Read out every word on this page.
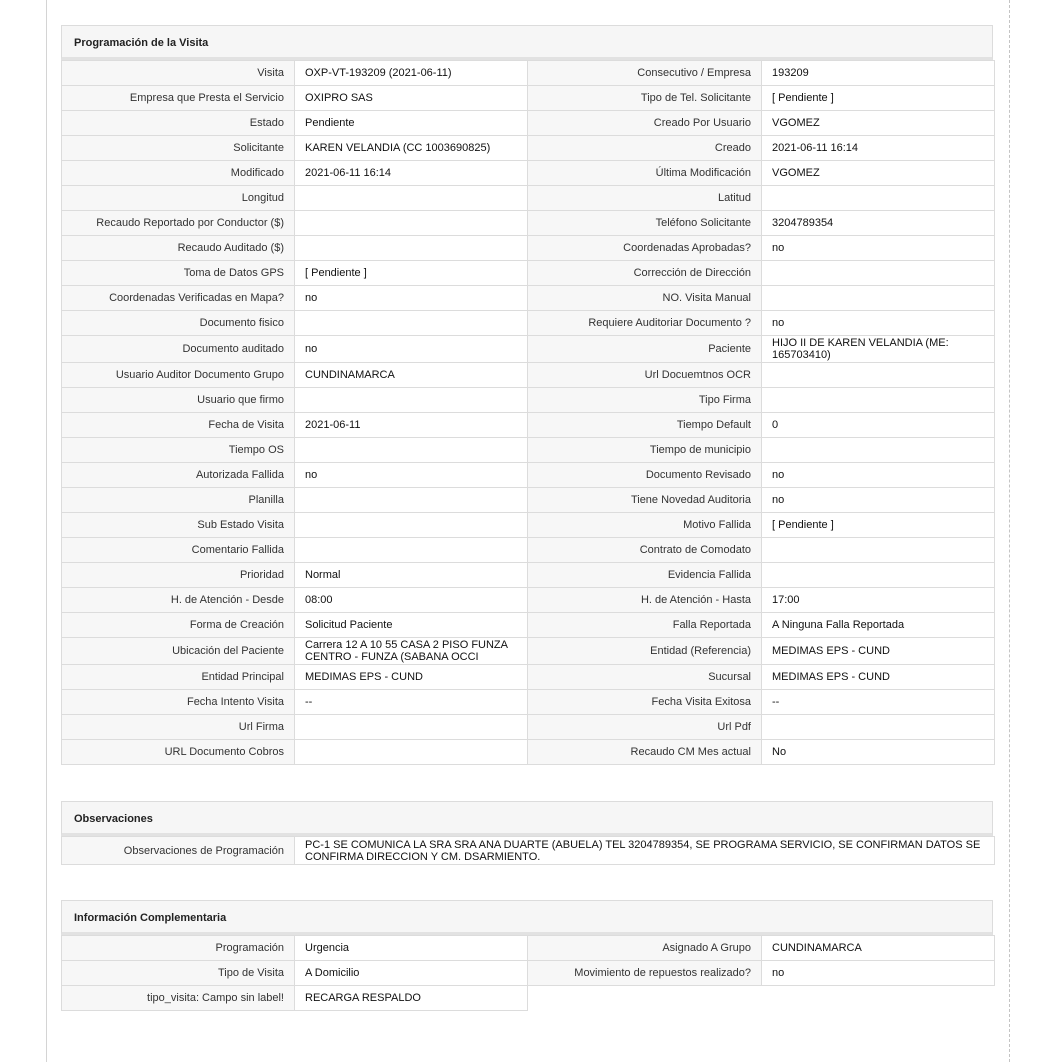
Programación de la Visita
Visita	OXP-VT-193209 (2021-06-11)	Consecutivo / Empresa	193209
Empresa que Presta el Servicio	OXIPRO SAS	Tipo de Tel. Solicitante	[ Pendiente ]
Estado	Pendiente	Creado Por Usuario	VGOMEZ
Solicitante	KAREN VELANDIA (CC 1003690825)	Creado	2021-06-11 16:14
Modificado	2021-06-11 16:14	Última Modificación	VGOMEZ
Longitud		Latitud	
Recaudo Reportado por Conductor ($)		Teléfono Solicitante	3204789354
Recaudo Auditado ($)		Coordenadas Aprobadas?	no
Toma de Datos GPS	[ Pendiente ]	Corrección de Dirección	
Coordenadas Verificadas en Mapa?	no	NO. Visita Manual	
Documento fisico		Requiere Auditoriar Documento ?	no
Documento auditado	no	Paciente	HIJO II DE KAREN VELANDIA (ME: 165703410)
Usuario Auditor Documento Grupo	CUNDINAMARCA	Url Docuemtnos OCR	
Usuario que firmo		Tipo Firma	
Fecha de Visita	2021-06-11	Tiempo Default	0
Tiempo OS		Tiempo de municipio	
Autorizada Fallida	no	Documento Revisado	no
Planilla		Tiene Novedad Auditoria	no
Sub Estado Visita		Motivo Fallida	[ Pendiente ]
Comentario Fallida		Contrato de Comodato	
Prioridad	Normal	Evidencia Fallida	
H. de Atención - Desde	08:00	H. de Atención - Hasta	17:00
Forma de Creación	Solicitud Paciente	Falla Reportada	A Ninguna Falla Reportada
Ubicación del Paciente	Carrera 12 A 10 55 CASA 2 PISO FUNZA CENTRO - FUNZA (SABANA OCCI	Entidad (Referencia)	MEDIMAS EPS - CUND
Entidad Principal	MEDIMAS EPS - CUND	Sucursal	MEDIMAS EPS - CUND
Fecha Intento Visita	--	Fecha Visita Exitosa	--
Url Firma		Url Pdf	
URL Documento Cobros		Recaudo CM Mes actual	No
Observaciones
Observaciones de Programación	PC-1 SE COMUNICA LA SRA SRA ANA DUARTE (ABUELA) TEL 3204789354, SE PROGRAMA SERVICIO, SE CONFIRMAN DATOS SE CONFIRMA DIRECCION Y CM. DSARMIENTO.
Información Complementaria
Programación	Urgencia	Asignado A Grupo	CUNDINAMARCA
Tipo de Visita	A Domicilio	Movimiento de repuestos realizado?	no
tipo_visita: Campo sin label!	RECARGA RESPALDO		
